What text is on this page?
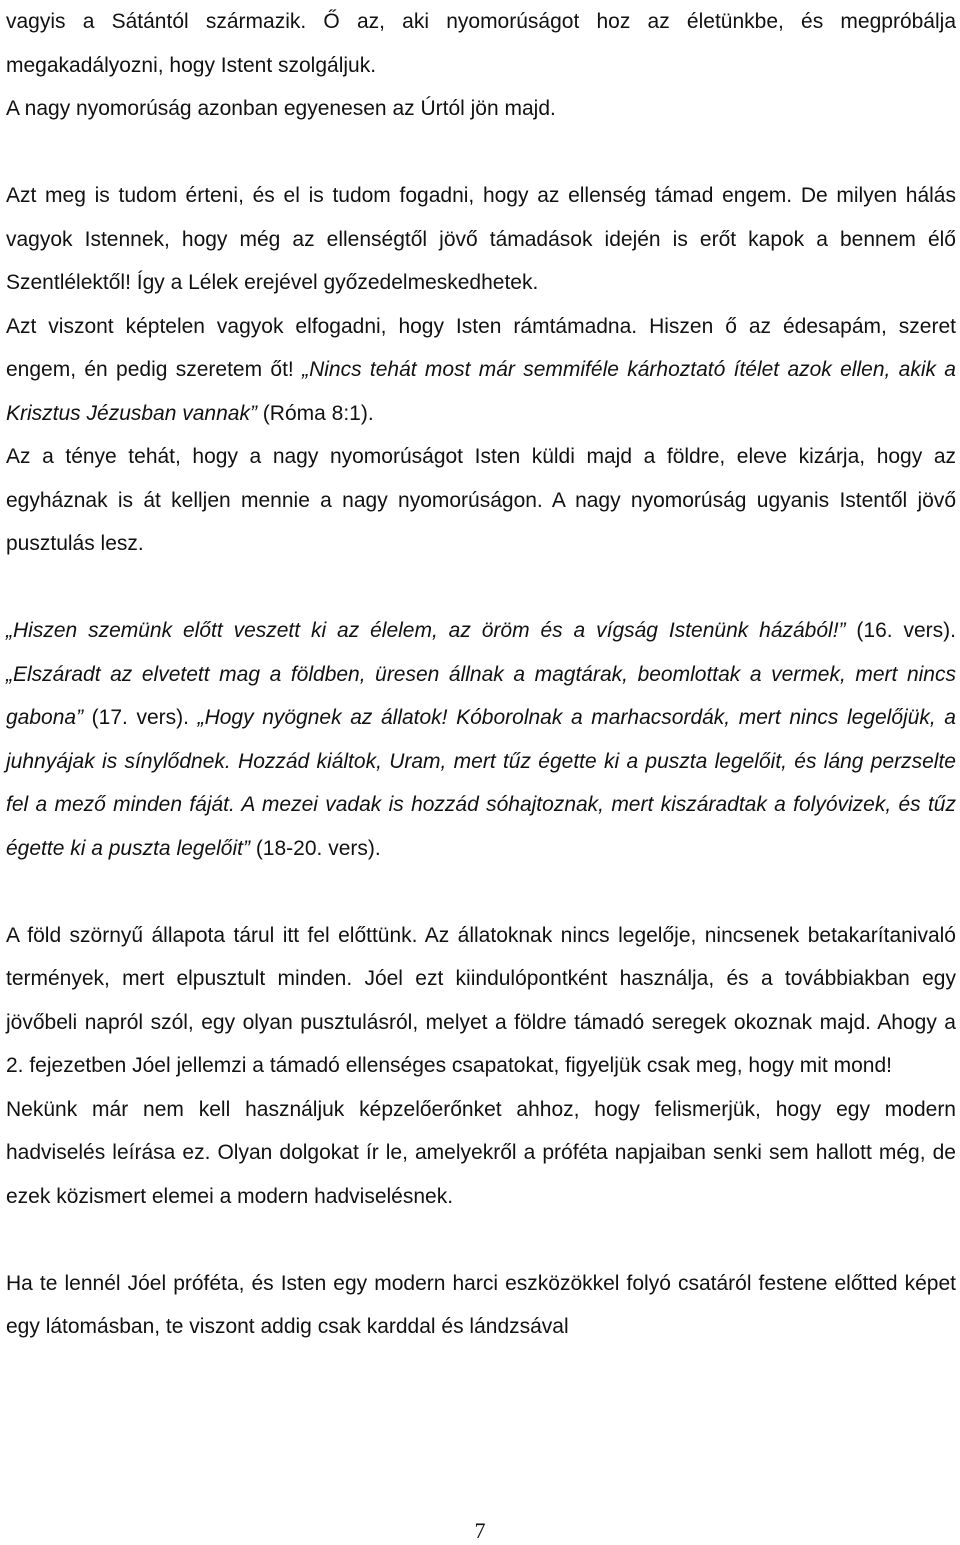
vagyis a Sátántól származik. Ő az, aki nyomorúságot hoz az életünkbe, és megpróbálja megakadályozni, hogy Istent szolgáljuk.
A nagy nyomorúság azonban egyenesen az Úrtól jön majd.

Azt meg is tudom érteni, és el is tudom fogadni, hogy az ellenség támad engem. De milyen hálás vagyok Istennek, hogy még az ellenségtől jövő támadások idején is erőt kapok a bennem élő Szentlélektől! Így a Lélek erejével győzedelmeskedhetek.
Azt viszont képtelen vagyok elfogadni, hogy Isten rámtámadna. Hiszen ő az édesapám, szeret engem, én pedig szeretem őt! „Nincs tehát most már semmiféle kárhoztató ítélet azok ellen, akik a Krisztus Jézusban vannak” (Róma 8:1).
Az a ténye tehát, hogy a nagy nyomorúságot Isten küldi majd a földre, eleve kizárja, hogy az egyháznak is át kelljen mennie a nagy nyomorúságon. A nagy nyomorúság ugyanis Istentől jövő pusztulás lesz.

„Hiszen szemünk előtt veszett ki az élelem, az öröm és a vígság Istenünk házából!” (16. vers). „Elszáradt az elvetett mag a földben, üresen állnak a magtárak, beomlottak a vermek, mert nincs gabona” (17. vers). „Hogy nyögnek az állatok! Kóborolnak a marhacsordák, mert nincs legelőjük, a juhnyájak is sínylődnek. Hozzád kiáltok, Uram, mert tűz égette ki a puszta legelőit, és láng perzselte fel a mező minden fáját. A mezei vadak is hozzád sóhajtoznak, mert kiszáradtak a folyóvizek, és tűz égette ki a puszta legelőit” (18-20. vers).

A föld szörnyű állapota tárul itt fel előttünk. Az állatoknak nincs legelője, nincsenek betakarítanivaló termények, mert elpusztult minden. Jóel ezt kiindulópontként használja, és a továbbiakban egy jövőbeli napról szól, egy olyan pusztulásról, melyet a földre támadó seregek okoznak majd. Ahogy a 2. fejezetben Jóel jellemzi a támadó ellenséges csapatokat, figyeljük csak meg, hogy mit mond!
Nekünk már nem kell használjuk képzelőerőnket ahhoz, hogy felismerjük, hogy egy modern hadviselés leírása ez. Olyan dolgokat ír le, amelyekről a próféta napjaiban senki sem hallott még, de ezek közismert elemei a modern hadviselésnek.

Ha te lennél Jóel próféta, és Isten egy modern harci eszközökkel folyó csatáról festene előtted képet egy látomásban, te viszont addig csak karddal és lándzsával

7
